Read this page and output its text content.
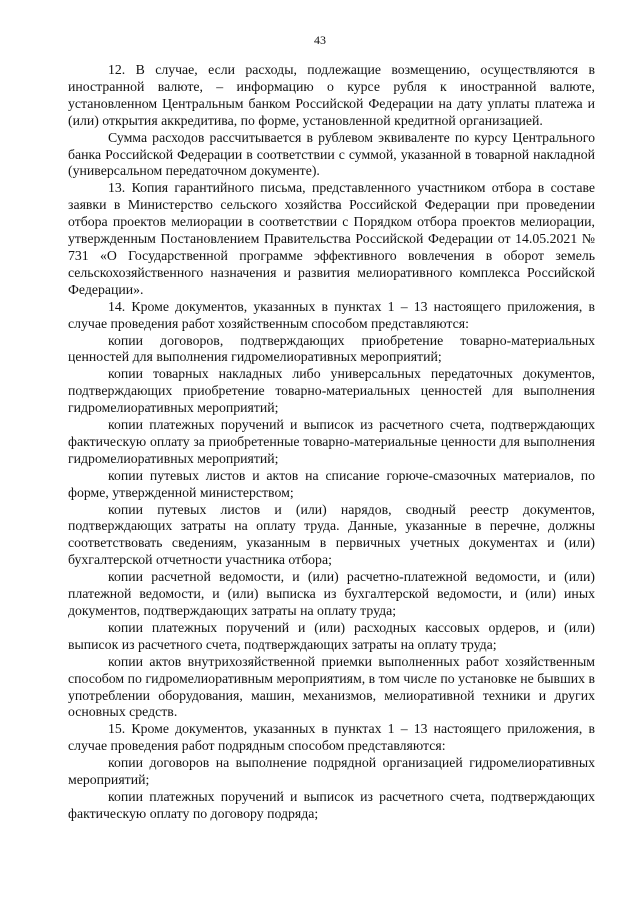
43

12. В случае, если расходы, подлежащие возмещению, осуществляются в иностранной валюте, – информацию о курсе рубля к иностранной валюте, установленном Центральным банком Российской Федерации на дату уплаты платежа и (или) открытия аккредитива, по форме, установленной кредитной организацией.

Сумма расходов рассчитывается в рублевом эквиваленте по курсу Центрального банка Российской Федерации в соответствии с суммой, указанной в товарной накладной (универсальном передаточном документе).

13. Копия гарантийного письма, представленного участником отбора в составе заявки в Министерство сельского хозяйства Российской Федерации при проведении отбора проектов мелиорации в соответствии с Порядком отбора проектов мелиорации, утвержденным Постановлением Правительства Российской Федерации от 14.05.2021 № 731 «О Государственной программе эффективного вовлечения в оборот земель сельскохозяйственного назначения и развития мелиоративного комплекса Российской Федерации».

14. Кроме документов, указанных в пунктах 1 – 13 настоящего приложения, в случае проведения работ хозяйственным способом представляются:

копии договоров, подтверждающих приобретение товарно-материальных ценностей для выполнения гидромелиоративных мероприятий;

копии товарных накладных либо универсальных передаточных документов, подтверждающих приобретение товарно-материальных ценностей для выполнения гидромелиоративных мероприятий;

копии платежных поручений и выписок из расчетного счета, подтверждающих фактическую оплату за приобретенные товарно-материальные ценности для выполнения гидромелиоративных мероприятий;

копии путевых листов и актов на списание горюче-смазочных материалов, по форме, утвержденной министерством;

копии путевых листов и (или) нарядов, сводный реестр документов, подтверждающих затраты на оплату труда. Данные, указанные в перечне, должны соответствовать сведениям, указанным в первичных учетных документах и (или) бухгалтерской отчетности участника отбора;

копии расчетной ведомости, и (или) расчетно-платежной ведомости, и (или) платежной ведомости, и (или) выписка из бухгалтерской ведомости, и (или) иных документов, подтверждающих затраты на оплату труда;

копии платежных поручений и (или) расходных кассовых ордеров, и (или) выписок из расчетного счета, подтверждающих затраты на оплату труда;

копии актов внутрихозяйственной приемки выполненных работ хозяйственным способом по гидромелиоративным мероприятиям, в том числе по установке не бывших в употреблении оборудования, машин, механизмов, мелиоративной техники и других основных средств.

15. Кроме документов, указанных в пунктах 1 – 13 настоящего приложения, в случае проведения работ подрядным способом представляются:

копии договоров на выполнение подрядной организацией гидромелиоративных мероприятий;

копии платежных поручений и выписок из расчетного счета, подтверждающих фактическую оплату по договору подряда;
